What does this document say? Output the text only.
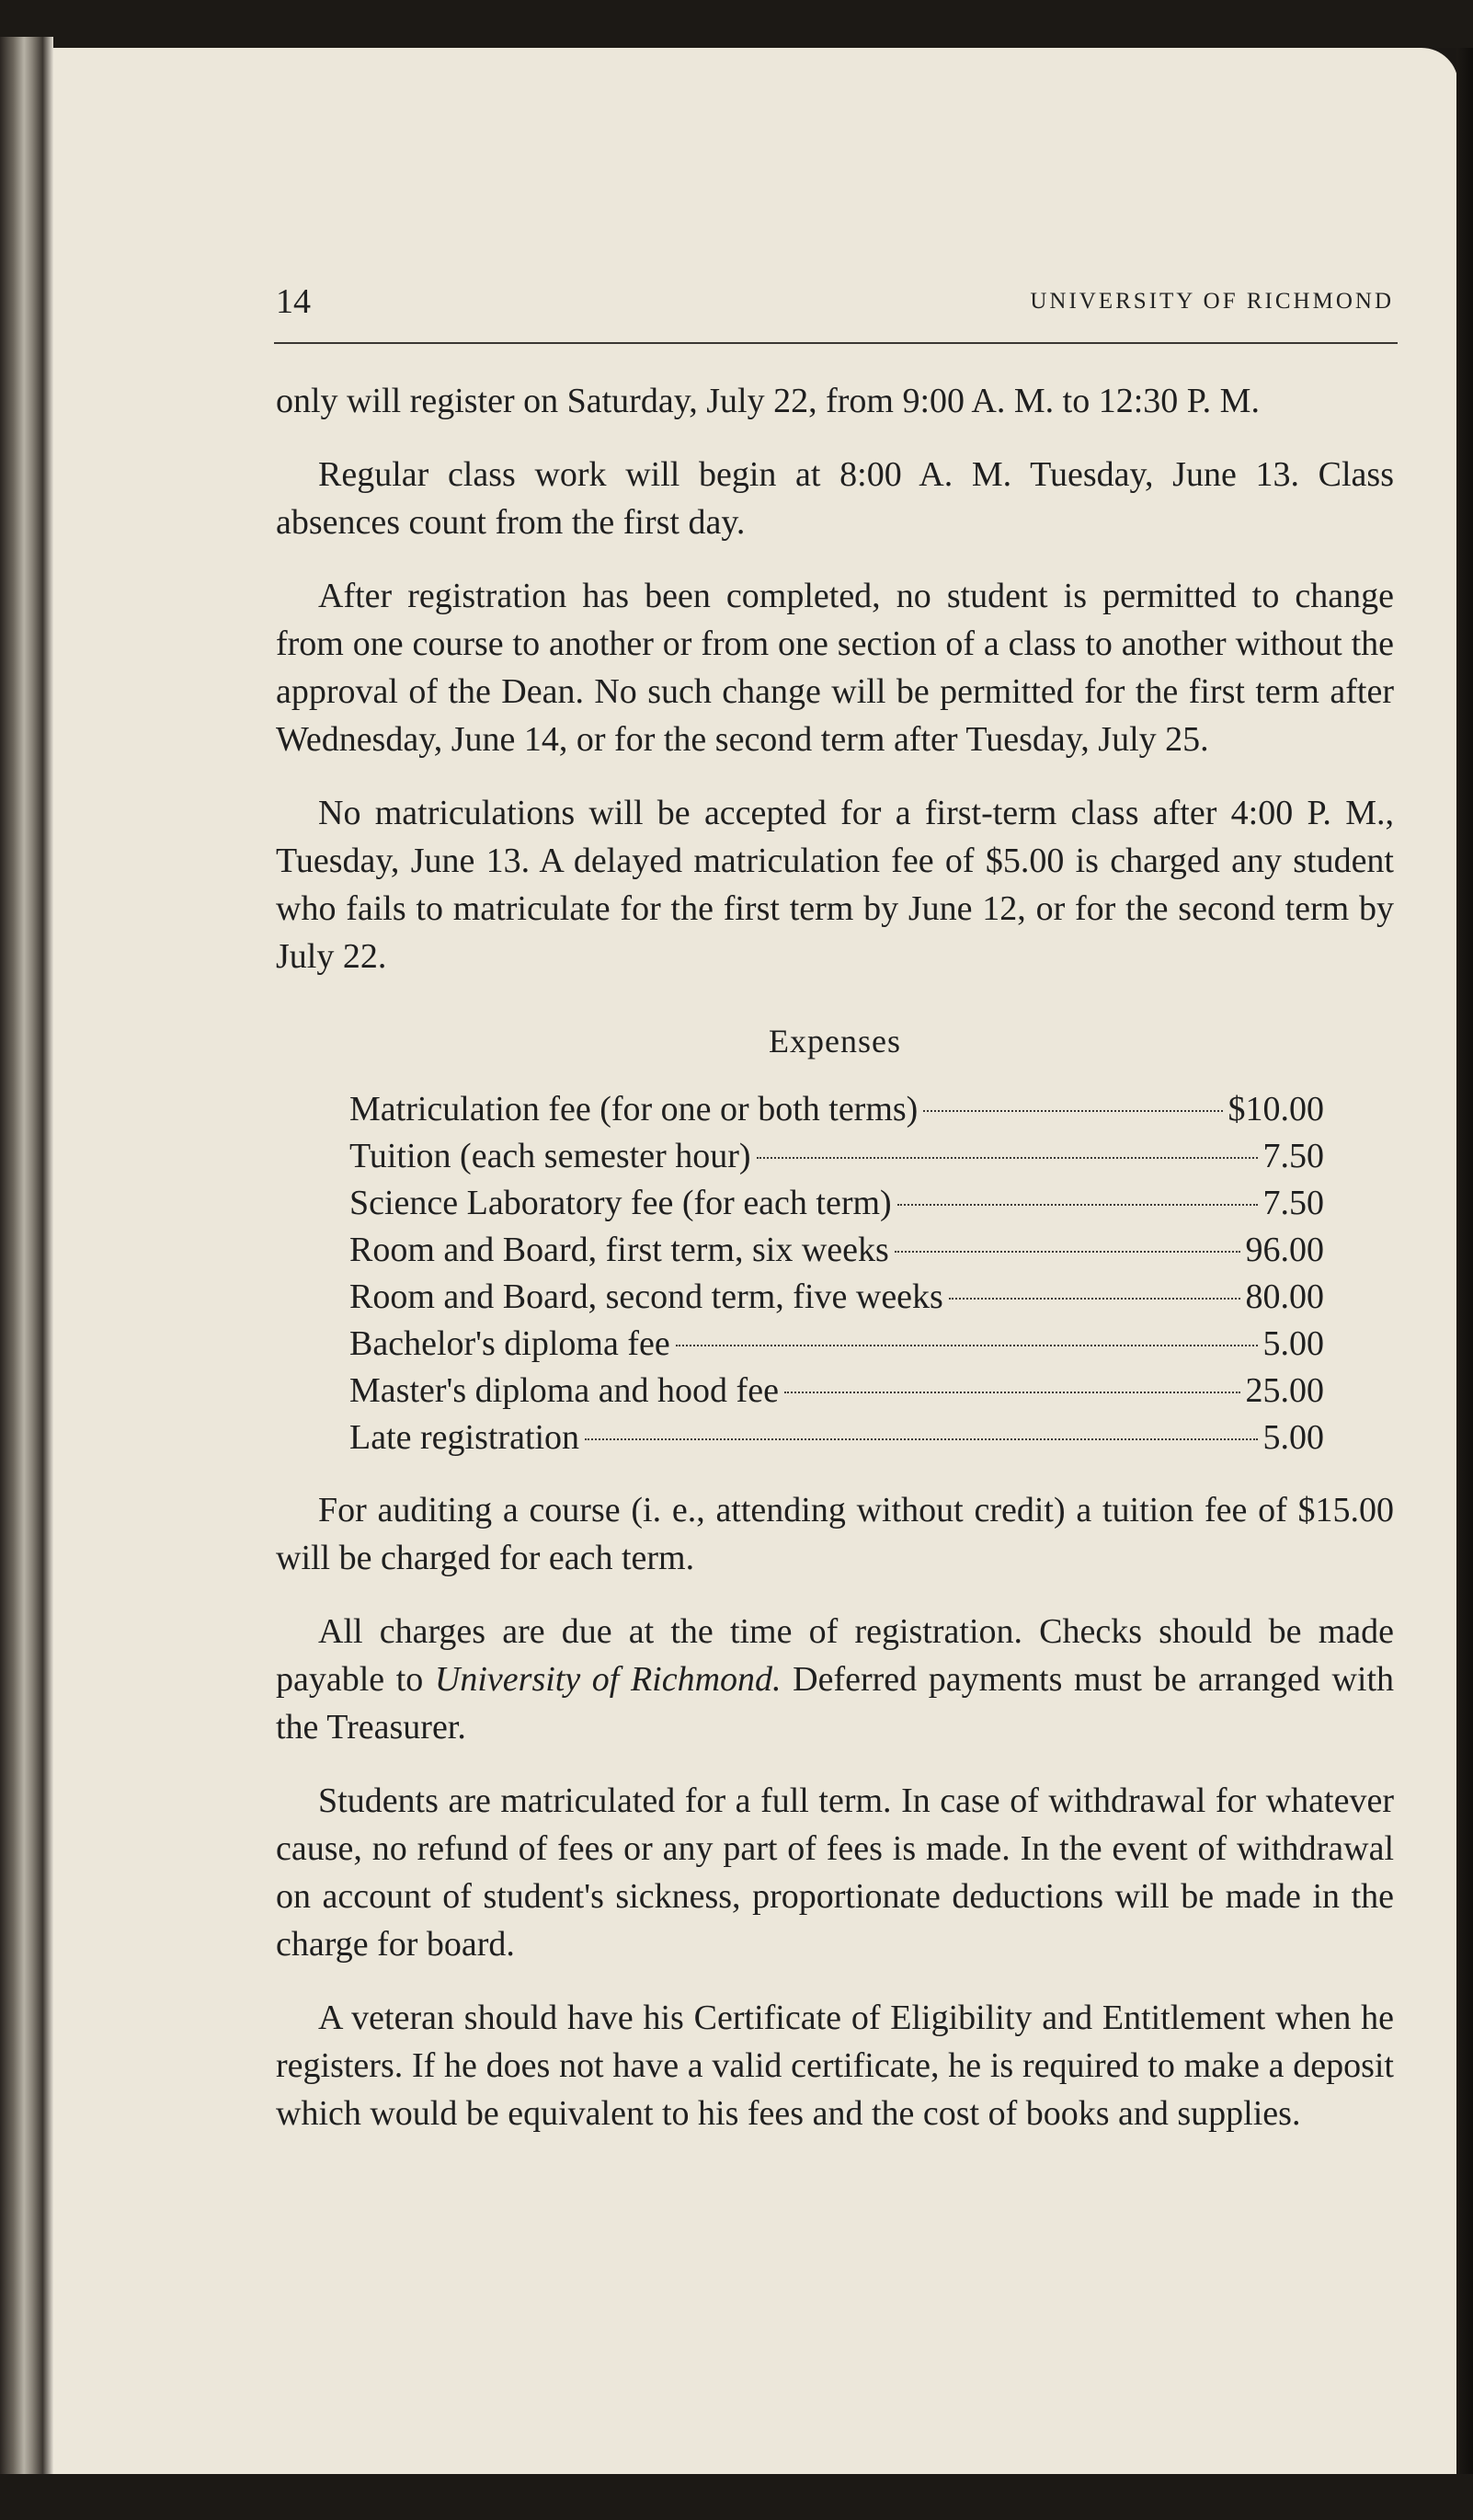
14	UNIVERSITY OF RICHMOND

only will register on Saturday, July 22, from 9:00 A. M. to 12:30 P. M.

Regular class work will begin at 8:00 A. M. Tuesday, June 13. Class absences count from the first day.

After registration has been completed, no student is permitted to change from one course to another or from one section of a class to another without the approval of the Dean. No such change will be permitted for the first term after Wednesday, June 14, or for the second term after Tuesday, July 25.

No matriculations will be accepted for a first-term class after 4:00 P. M., Tuesday, June 13. A delayed matriculation fee of $5.00 is charged any student who fails to matriculate for the first term by June 12, or for the second term by July 22.

Expenses
Matriculation fee (for one or both terms)	$10.00
Tuition (each semester hour)	7.50
Science Laboratory fee (for each term)	7.50
Room and Board, first term, six weeks	96.00
Room and Board, second term, five weeks	80.00
Bachelor's diploma fee	5.00
Master's diploma and hood fee	25.00
Late registration	5.00

For auditing a course (i. e., attending without credit) a tuition fee of $15.00 will be charged for each term.

All charges are due at the time of registration. Checks should be made payable to University of Richmond. Deferred payments must be arranged with the Treasurer.

Students are matriculated for a full term. In case of withdrawal for whatever cause, no refund of fees or any part of fees is made. In the event of withdrawal on account of student's sickness, proportionate deductions will be made in the charge for board.

A veteran should have his Certificate of Eligibility and Entitlement when he registers. If he does not have a valid certificate, he is required to make a deposit which would be equivalent to his fees and the cost of books and supplies.
